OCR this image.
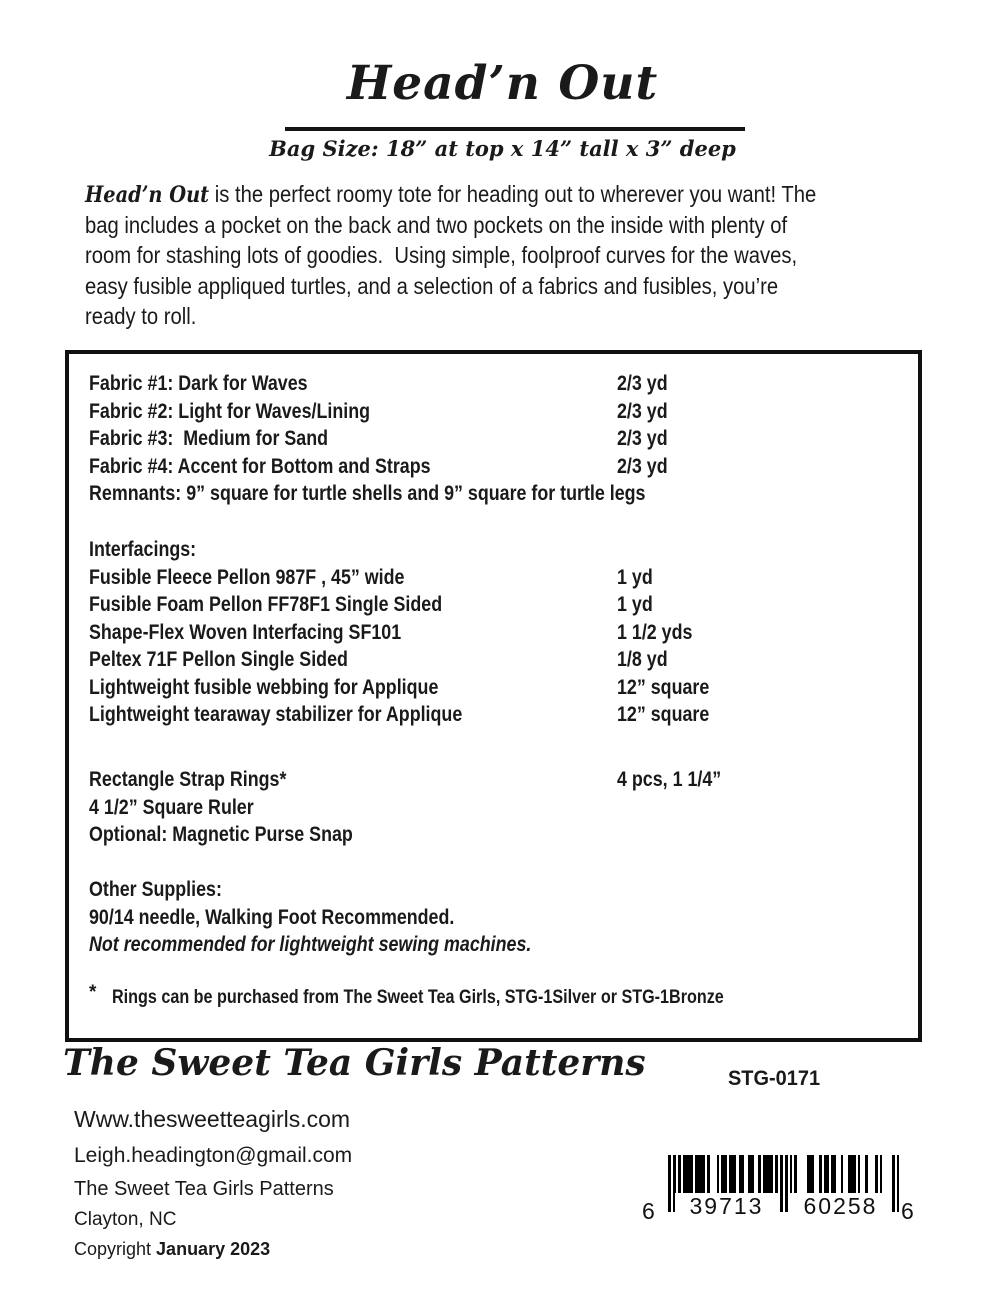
Head’n Out
Bag Size: 18” at top x 14” tall x 3” deep
Head’n Out is the perfect roomy tote for heading out to wherever you want! The
bag includes a pocket on the back and two pockets on the inside with plenty of
room for stashing lots of goodies.  Using simple, foolproof curves for the waves,
easy fusible appliqued turtles, and a selection of a fabrics and fusibles, you’re
ready to roll.
Fabric #1: Dark for Waves	2/3 yd
Fabric #2: Light for Waves/Lining	2/3 yd
Fabric #3:  Medium for Sand	2/3 yd
Fabric #4: Accent for Bottom and Straps	2/3 yd
Remnants: 9” square for turtle shells and 9” square for turtle legs
Interfacings:
Fusible Fleece Pellon 987F , 45” wide	1 yd
Fusible Foam Pellon FF78F1 Single Sided	1 yd
Shape-Flex Woven Interfacing SF101	1 1/2 yds
Peltex 71F Pellon Single Sided	1/8 yd
Lightweight fusible webbing for Applique	12” square
Lightweight tearaway stabilizer for Applique	12” square
Rectangle Strap Rings*	4 pcs, 1 1/4”
4 1/2” Square Ruler
Optional: Magnetic Purse Snap
Other Supplies:
90/14 needle, Walking Foot Recommended.
Not recommended for lightweight sewing machines.
* Rings can be purchased from The Sweet Tea Girls, STG-1Silver or STG-1Bronze
The Sweet Tea Girls Patterns	STG-0171
Www.thesweetteagirls.com
Leigh.headington@gmail.com
The Sweet Tea Girls Patterns
Clayton, NC
Copyright January 2023
39713	60258
6	6
